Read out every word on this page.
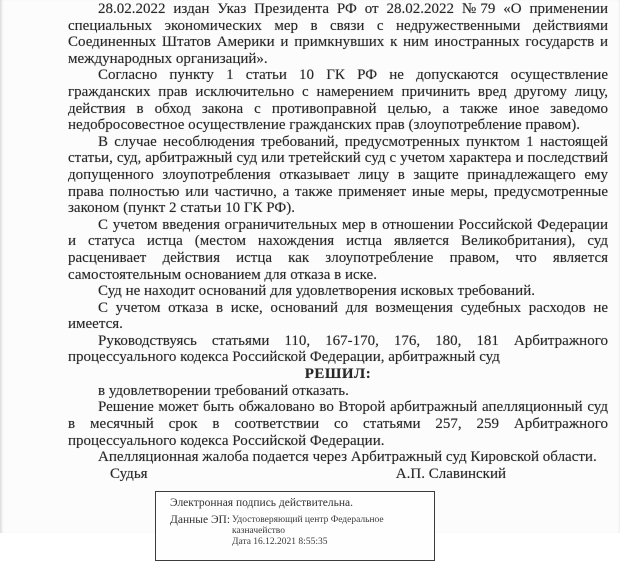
28.02.2022 издан Указ Президента РФ от 28.02.2022 №79 «О применении специальных экономических мер в связи с недружественными действиями Соединенных Штатов Америки и примкнувших к ним иностранных государств и международных организаций».

Согласно пункту 1 статьи 10 ГК РФ не допускаются осуществление гражданских прав исключительно с намерением причинить вред другому лицу, действия в обход закона с противоправной целью, а также иное заведомо недобросовестное осуществление гражданских прав (злоупотребление правом).

В случае несоблюдения требований, предусмотренных пунктом 1 настоящей статьи, суд, арбитражный суд или третейский суд с учетом характера и последствий допущенного злоупотребления отказывает лицу в защите принадлежащего ему права полностью или частично, а также применяет иные меры, предусмотренные законом (пункт 2 статьи 10 ГК РФ).

С учетом введения ограничительных мер в отношении Российской Федерации и статуса истца (местом нахождения истца является Великобритания), суд расценивает действия истца как злоупотребление правом, что является самостоятельным основанием для отказа в иске.

Суд не находит оснований для удовлетворения исковых требований.

С учетом отказа в иске, оснований для возмещения судебных расходов не имеется.

Руководствуясь статьями 110, 167-170, 176, 180, 181 Арбитражного процессуального кодекса Российской Федерации, арбитражный суд

РЕШИЛ:

в удовлетворении требований отказать.

Решение может быть обжаловано во Второй арбитражный апелляционный суд в месячный срок в соответствии со статьями 257, 259 Арбитражного процессуального кодекса Российской Федерации.

Апелляционная жалоба подается через Арбитражный суд Кировской области.

Судья	А.П. Славинский
Электронная подпись действительна.
Данные ЭП: Удостоверяющий центр Федеральное казначейство
Дата 16.12.2021 8:55:35
